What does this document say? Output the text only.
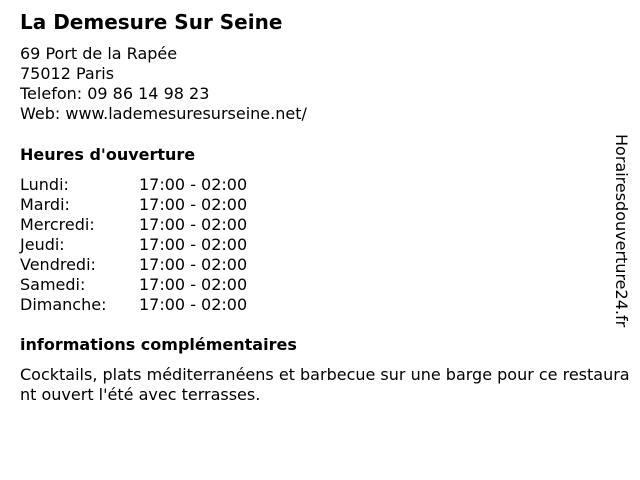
La Demesure Sur Seine
69 Port de la Rapée
75012 Paris
Telefon: 09 86 14 98 23
Web: www.lademesuresurseine.net/
Heures d'ouverture
Lundi:	17:00 - 02:00
Mardi:	17:00 - 02:00
Mercredi:	17:00 - 02:00
Jeudi:	17:00 - 02:00
Vendredi:	17:00 - 02:00
Samedi:	17:00 - 02:00
Dimanche: 17:00 - 02:00
informations complémentaires
Cocktails, plats méditerranéens et barbecue sur une barge pour ce restaurant ouvert l'été avec terrasses.
Horairesdouverture24.fr
